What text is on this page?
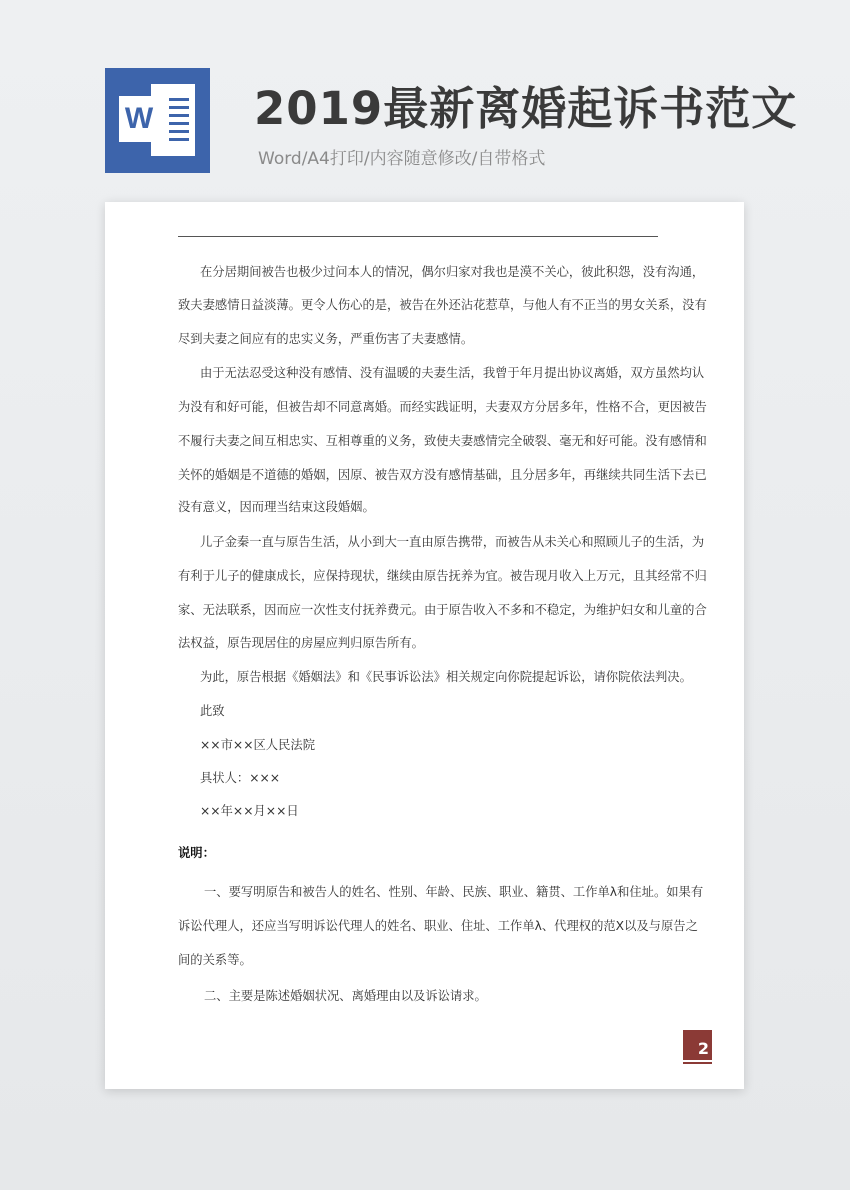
W 2019最新离婚起诉书范文
Word/A4打印/内容随意修改/自带格式
在分居期间被告也极少过问本人的情况，偶尔归家对我也是漠不关心，彼此积怨，没有沟通，
致夫妻感情日益淡薄。更令人伤心的是，被告在外还沾花惹草，与他人有不正当的男女关系，没有
尽到夫妻之间应有的忠实义务，严重伤害了夫妻感情。
由于无法忍受这种没有感情、没有温暖的夫妻生活，我曾于年月提出协议离婚，双方虽然均认
为没有和好可能，但被告却不同意离婚。而经实践证明，夫妻双方分居多年，性格不合，更因被告
不履行夫妻之间互相忠实、互相尊重的义务，致使夫妻感情完全破裂、毫无和好可能。没有感情和
关怀的婚姻是不道德的婚姻，因原、被告双方没有感情基础，且分居多年，再继续共同生活下去已
没有意义，因而理当结束这段婚姻。
儿子金秦一直与原告生活，从小到大一直由原告携带，而被告从未关心和照顾儿子的生活，为
有利于儿子的健康成长，应保持现状，继续由原告抚养为宜。被告现月收入上万元，且其经常不归
家、无法联系，因而应一次性支付抚养费元。由于原告收入不多和不稳定，为维护妇女和儿童的合
法权益，原告现居住的房屋应判归原告所有。
为此，原告根据《婚姻法》和《民事诉讼法》相关规定向你院提起诉讼，请你院依法判决。
此致
××市××区人民法院
具状人：×××
××年××月××日
说明：
一、要写明原告和被告人的姓名、性别、年龄、民族、职业、籍贯、工作单λ和住址。如果有
诉讼代理人，还应当写明诉讼代理人的姓名、职业、住址、工作单λ、代理权的范X以及与原告之
间的关系等。
二、主要是陈述婚姻状况、离婚理由以及诉讼请求。
2
